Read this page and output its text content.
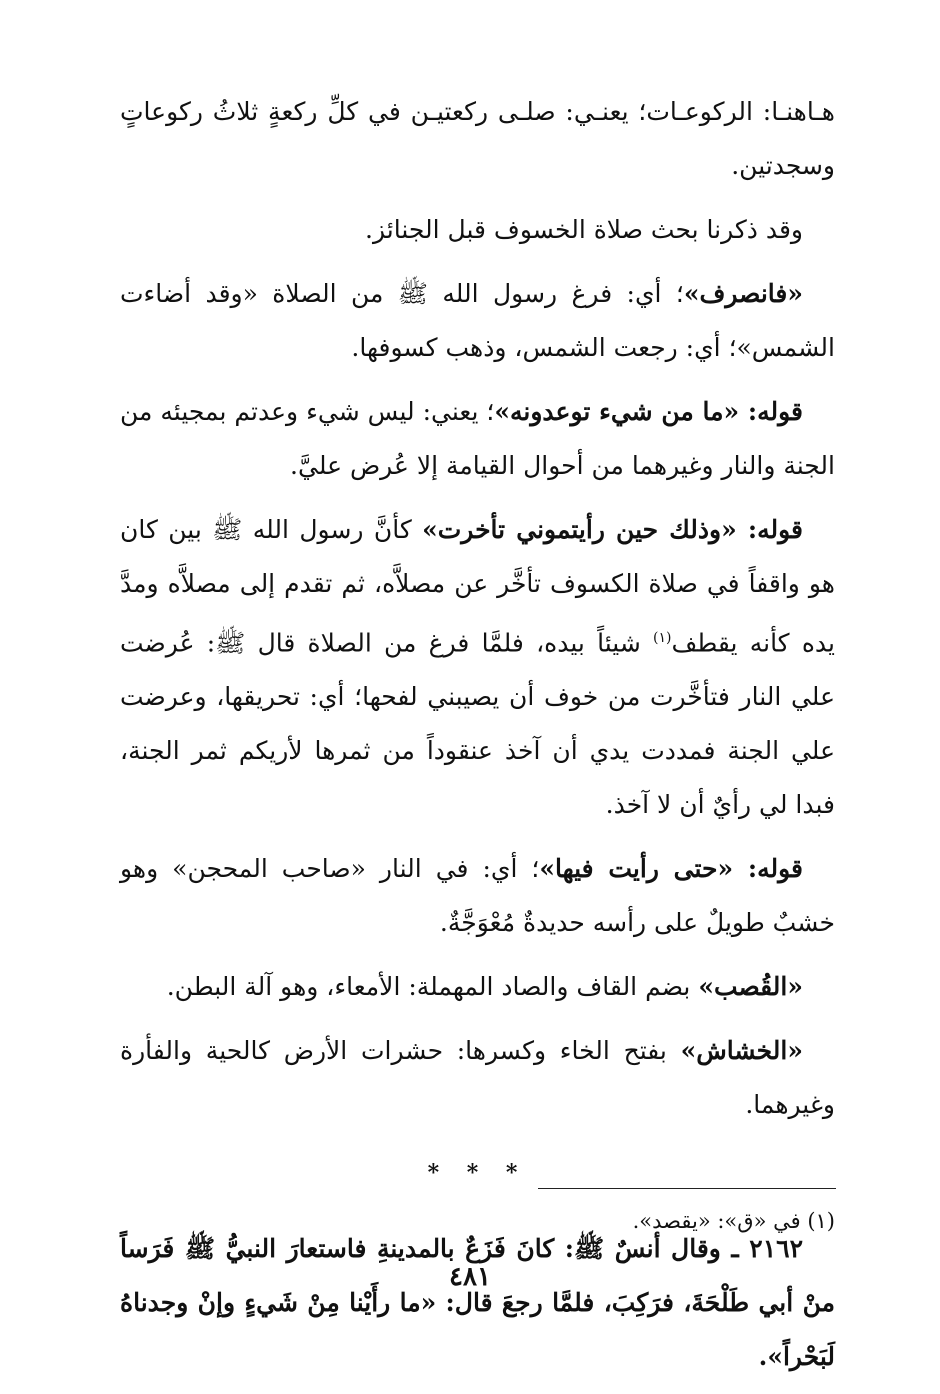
هـاهنـا: الركوعـات؛ يعنـي: صلـى ركعتيـن في كلِّ ركعةٍ ثلاثُ ركوعاتٍ وسجدتين.

وقد ذكرنا بحث صلاة الخسوف قبل الجنائز.

«فانصرف»؛ أي: فرغ رسول الله ﷺ من الصلاة «وقد أضاءت الشمس»؛ أي: رجعت الشمس، وذهب كسوفها.

قوله: «ما من شيء توعدونه»؛ يعني: ليس شيء وعدتم بمجيئه من الجنة والنار وغيرهما من أحوال القيامة إلا عُرض عليَّ.

قوله: «وذلك حين رأيتموني تأخرت» كأنَّ رسول الله ﷺ بين كان هو واقفاً في صلاة الكسوف تأخَّر عن مصلاَّه، ثم تقدم إلى مصلاَّه ومدَّ يده كأنه يقطف$^{(١)}$ شيئاً بيده، فلمَّا فرغ من الصلاة قال ﷺ: عُرضت علي النار فتأخَّرت من خوف أن يصيبني لفحها؛ أي: تحريقها، وعرضت علي الجنة فمددت يدي أن آخذ عنقوداً من ثمرها لأريكم ثمر الجنة، فبدا لي رأيٌ أن لا آخذ.

قوله: «حتى رأيت فيها»؛ أي: في النار «صاحب المحجن» وهو خشبٌ طويلٌ على رأسه حديدةٌ مُعْوَجَّةٌ.

«القُصب» بضم القاف والصاد المهملة: الأمعاء، وهو آلة البطن.

«الخشاش» بفتح الخاء وكسرها: حشرات الأرض كالحية والفأرة وغيرهما.

* * *

٢١٦٢ ـ وقال أنسٌ ﷺ: كانَ فَزَعٌ بالمدينةِ فاستعارَ النبيُّ ﷺ فَرَساً منْ أبي طَلْحَةَ، فرَكِبَ، فلمَّا رجعَ قال: «ما رأَيْنا مِنْ شَيءٍ وإنْ وجدناهُ لَبَحْراً».

(١) في «ق»: «يقصد».
٤٨١
